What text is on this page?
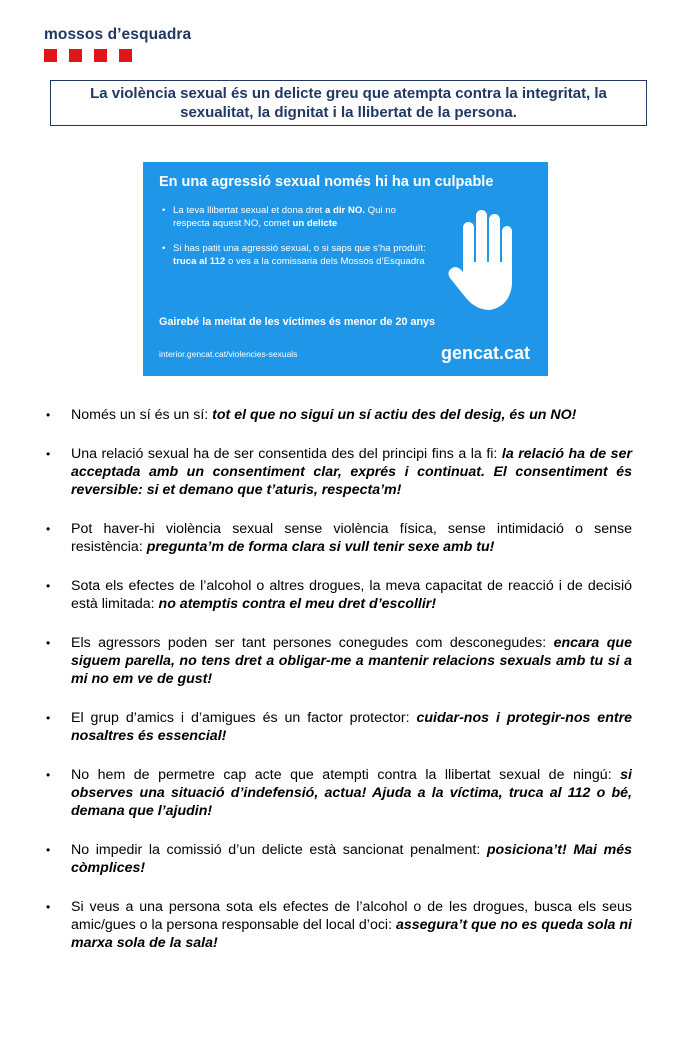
mossos d’esquadra

La violència sexual és un delicte greu que atempta contra la integritat, la sexualitat, la dignitat i la llibertat de la persona.

En una agressió sexual només hi ha un culpable
• La teva llibertat sexual et dona dret a dir NO. Qui no respecta aquest NO, comet un delicte
• Si has patit una agressió sexual, o si saps que s’ha produït: truca al 112 o ves a la comissaria dels Mossos d’Esquadra
Gairebé la meitat de les víctimes és menor de 20 anys
interior.gencat.cat/violencies-sexuals	gencat.cat
• Només un sí és un sí: tot el que no sigui un sí actiu des del desig, és un NO!
• Una relació sexual ha de ser consentida des del principi fins a la fi: la relació ha de ser acceptada amb un consentiment clar, exprés i continuat. El consentiment és reversible: si et demano que t’aturis, respecta’m!
• Pot haver-hi violència sexual sense violència física, sense intimidació o sense resistència: pregunta’m de forma clara si vull tenir sexe amb tu!
• Sota els efectes de l’alcohol o altres drogues, la meva capacitat de reacció i de decisió està limitada: no atemptis contra el meu dret d’escollir!
• Els agressors poden ser tant persones conegudes com desconegudes: encara que siguem parella, no tens dret a obligar-me a mantenir relacions sexuals amb tu si a mi no em ve de gust!
• El grup d’amics i d’amigues és un factor protector: cuidar-nos i protegir-nos entre nosaltres és essencial!
• No hem de permetre cap acte que atempti contra la llibertat sexual de ningú: si observes una situació d’indefensió, actua! Ajuda a la víctima, truca al 112 o bé, demana que l’ajudin!
• No impedir la comissió d’un delicte està sancionat penalment: posiciona’t! Mai més còmplices!
• Si veus a una persona sota els efectes de l’alcohol o de les drogues, busca els seus amic/gues o la persona responsable del local d’oci: assegura’t que no es queda sola ni marxa sola de la sala!
